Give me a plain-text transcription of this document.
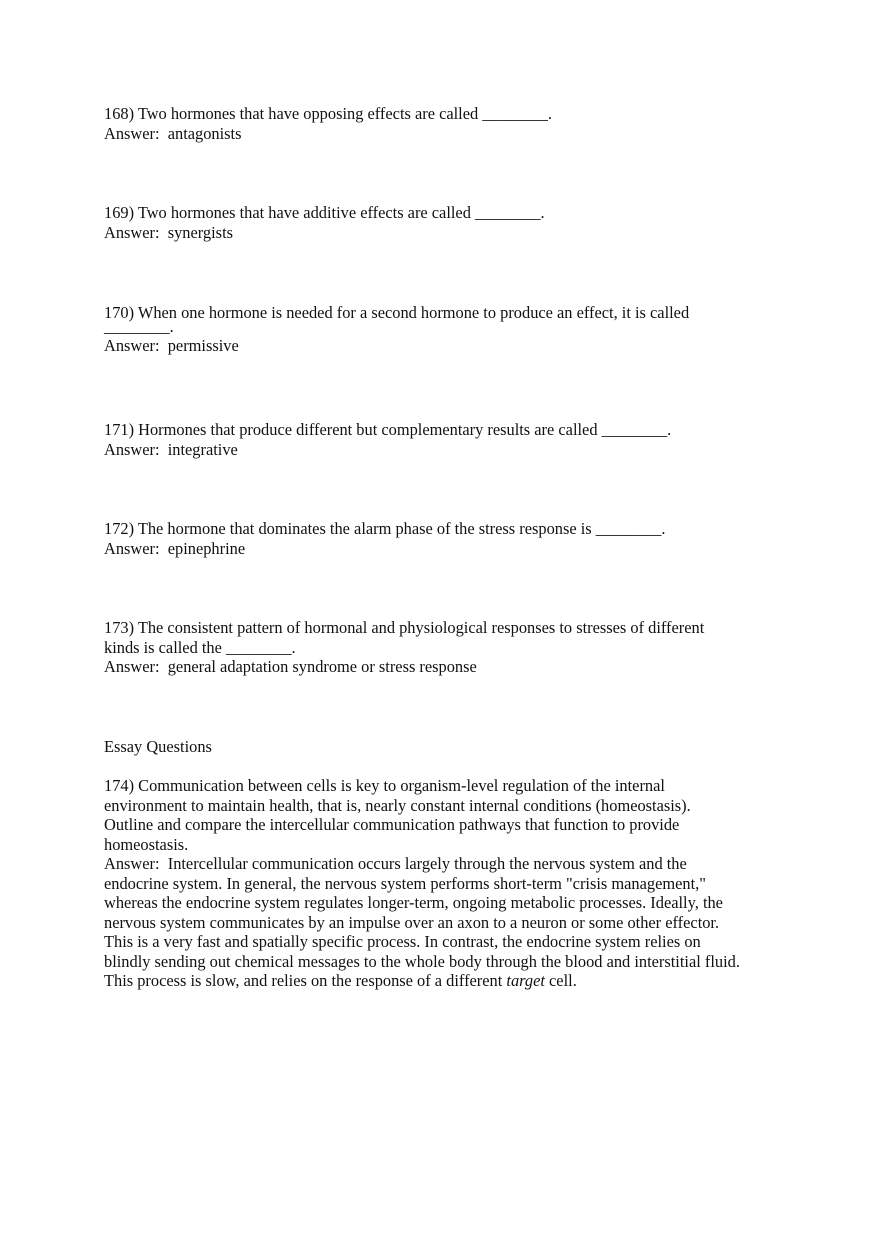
168) Two hormones that have opposing effects are called ________.
Answer:  antagonists
169) Two hormones that have additive effects are called ________.
Answer:  synergists
170) When one hormone is needed for a second hormone to produce an effect, it is called
________.
Answer:  permissive
171) Hormones that produce different but complementary results are called ________.
Answer:  integrative
172) The hormone that dominates the alarm phase of the stress response is ________.
Answer:  epinephrine
173) The consistent pattern of hormonal and physiological responses to stresses of different
kinds is called the ________.
Answer:  general adaptation syndrome or stress response
Essay Questions
174) Communication between cells is key to organism-level regulation of the internal
environment to maintain health, that is, nearly constant internal conditions (homeostasis).
Outline and compare the intercellular communication pathways that function to provide
homeostasis.
Answer:  Intercellular communication occurs largely through the nervous system and the
endocrine system. In general, the nervous system performs short-term "crisis management,"
whereas the endocrine system regulates longer-term, ongoing metabolic processes. Ideally, the
nervous system communicates by an impulse over an axon to a neuron or some other effector.
This is a very fast and spatially specific process. In contrast, the endocrine system relies on
blindly sending out chemical messages to the whole body through the blood and interstitial fluid.
This process is slow, and relies on the response of a different target cell.
